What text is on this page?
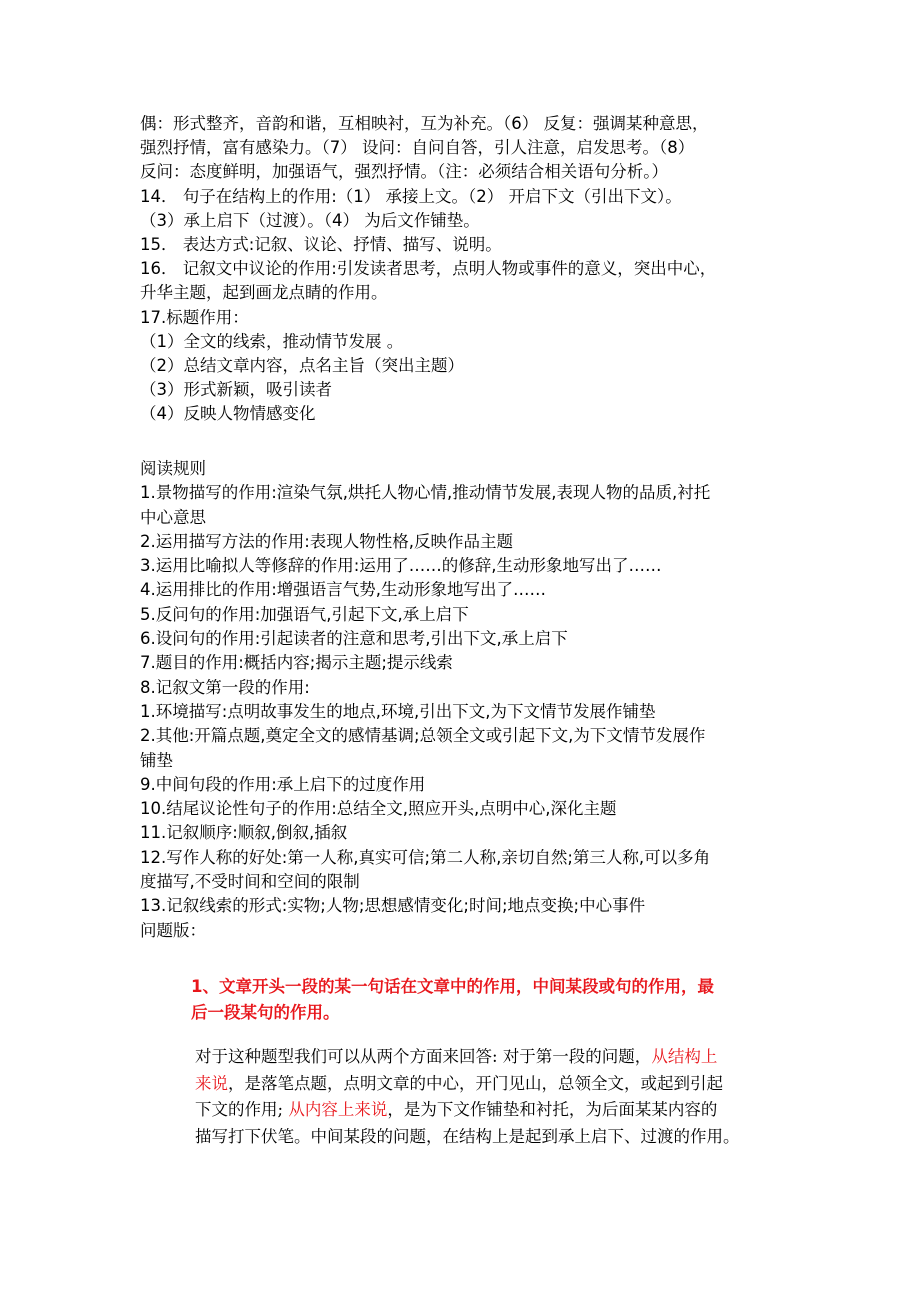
偶：形式整齐，音韵和谐，互相映衬，互为补充。（6） 反复：强调某种意思，
强烈抒情，富有感染力。（7） 设问：自问自答，引人注意，启发思考。（8）
反问：态度鲜明，加强语气，强烈抒情。（注：必须结合相关语句分析。）
14． 句子在结构上的作用:（1） 承接上文。（2） 开启下文（引出下文）。
（3）承上启下（过渡）。（4） 为后文作铺垫。
15． 表达方式:记叙、议论、抒情、描写、说明。
16． 记叙文中议论的作用:引发读者思考，点明人物或事件的意义，突出中心，
升华主题，起到画龙点睛的作用。
17.标题作用：
（1）全文的线索，推动情节发展 。
（2）总结文章内容，点名主旨（突出主题）
（3）形式新颖，吸引读者
（4）反映人物情感变化
阅读规则
1.景物描写的作用:渲染气氛,烘托人物心情,推动情节发展,表现人物的品质,衬托
中心意思
2.运用描写方法的作用:表现人物性格,反映作品主题
3.运用比喻拟人等修辞的作用:运用了……的修辞,生动形象地写出了……
4.运用排比的作用:增强语言气势,生动形象地写出了……
5.反问句的作用:加强语气,引起下文,承上启下
6.设问句的作用:引起读者的注意和思考,引出下文,承上启下
7.题目的作用:概括内容;揭示主题;提示线索
8.记叙文第一段的作用:
1.环境描写:点明故事发生的地点,环境,引出下文,为下文情节发展作铺垫
2.其他:开篇点题,奠定全文的感情基调;总领全文或引起下文,为下文情节发展作
铺垫
9.中间句段的作用:承上启下的过度作用
10.结尾议论性句子的作用:总结全文,照应开头,点明中心,深化主题
11.记叙顺序:顺叙,倒叙,插叙
12.写作人称的好处:第一人称,真实可信;第二人称,亲切自然;第三人称,可以多角
度描写,不受时间和空间的限制
13.记叙线索的形式:实物;人物;思想感情变化;时间;地点变换;中心事件
问题版：
1、文章开头一段的某一句话在文章中的作用，中间某段或句的作用，最
后一段某句的作用。
对于这种题型我们可以从两个方面来回答: 对于第一段的问题，从结构上
来说，是落笔点题，点明文章的中心，开门见山，总领全文，或起到引起
下文的作用; 从内容上来说，是为下文作铺垫和衬托，为后面某某内容的
描写打下伏笔。中间某段的问题，在结构上是起到承上启下、过渡的作用。
